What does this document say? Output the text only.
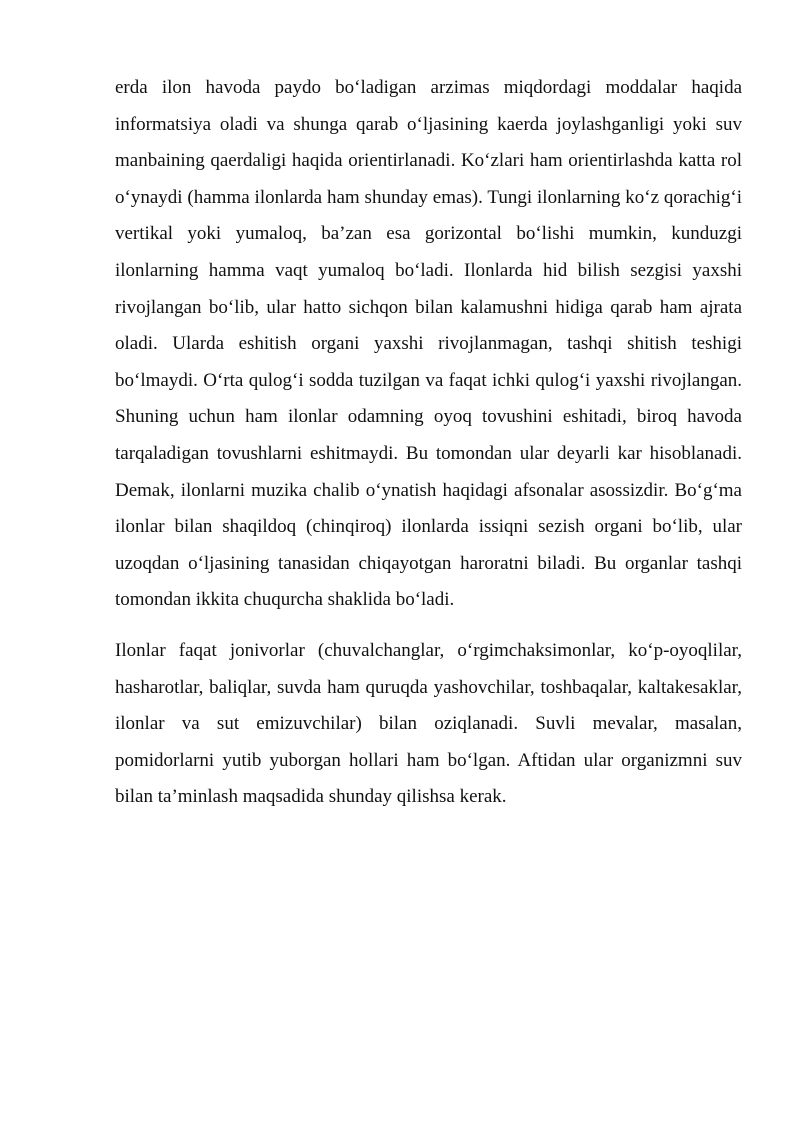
erda ilon havoda paydo bo‘ladigan arzimas miqdordagi moddalar haqida informatsiya oladi va shunga qarab o‘ljasining kaerda joylashganligi yoki suv manbaining qaerdaligi haqida orientirlanadi. Ko‘zlari ham orientirlashda katta rol o‘ynaydi (hamma ilonlarda ham shunday emas). Tungi ilonlarning ko‘z qorachig‘i vertikal yoki yumaloq, ba’zan esa gorizontal bo‘lishi mumkin, kunduzgi ilonlarning hamma vaqt yumaloq bo‘ladi. Ilonlarda hid bilish sezgisi yaxshi rivojlangan bo‘lib, ular hatto sichqon bilan kalamushni hidiga qarab ham ajrata oladi. Ularda eshitish organi yaxshi rivojlanmagan, tashqi shitish teshigi bo‘lmaydi. O‘rta qulog‘i sodda tuzilgan va faqat ichki qulog‘i yaxshi rivojlangan. Shuning uchun ham ilonlar odamning oyoq tovushini eshitadi, biroq havoda tarqaladigan tovushlarni eshitmaydi. Bu tomondan ular deyarli kar hisoblanadi. Demak, ilonlarni muzika chalib o‘ynatish haqidagi afsonalar asossizdir. Bo‘g‘ma ilonlar bilan shaqildoq (chinqiroq) ilonlarda issiqni sezish organi bo‘lib, ular uzoqdan o‘ljasining tanasidan chiqayotgan haroratni biladi. Bu organlar tashqi tomondan ikkita chuqurcha shaklida bo‘ladi.

Ilonlar faqat jonivorlar (chuvalchanglar, o‘rgimchaksimonlar, ko‘p-oyoqlilar, hasharotlar, baliqlar, suvda ham quruqda yashovchilar, toshbaqalar, kaltakesaklar, ilonlar va sut emizuvchilar) bilan oziqlanadi. Suvli mevalar, masalan, pomidorlarni yutib yuborgan hollari ham bo‘lgan. Aftidan ular organizmni suv bilan ta’minlash maqsadida shunday qilishsa kerak.
